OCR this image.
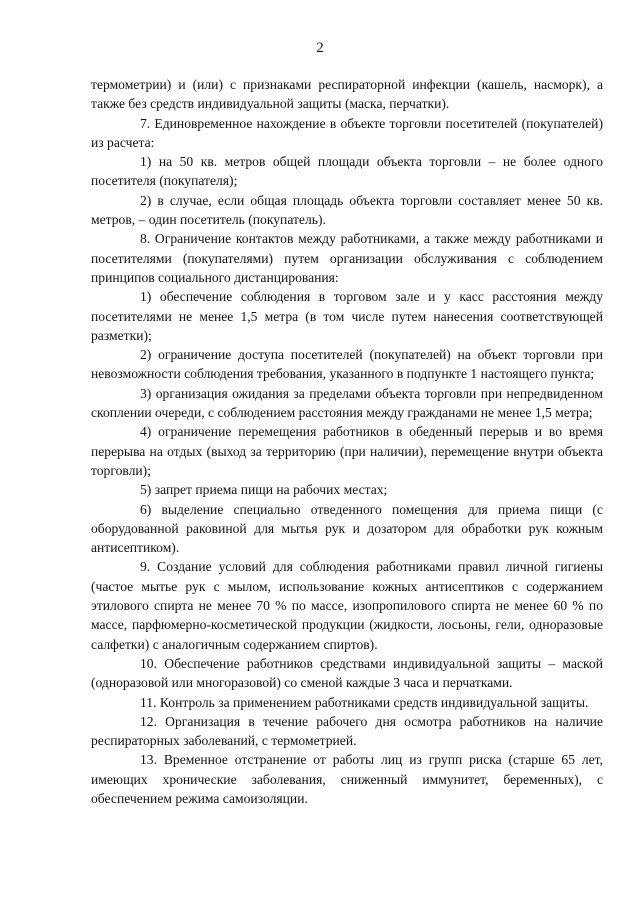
2

термометрии) и (или) с признаками респираторной инфекции (кашель, насморк), а также без средств индивидуальной защиты (маска, перчатки).

7. Единовременное нахождение в объекте торговли посетителей (покупателей) из расчета:

1) на 50 кв. метров общей площади объекта торговли – не более одного посетителя (покупателя);

2) в случае, если общая площадь объекта торговли составляет менее 50 кв. метров, – один посетитель (покупатель).

8. Ограничение контактов между работниками, а также между работниками и посетителями (покупателями) путем организации обслуживания с соблюдением принципов социального дистанцирования:

1) обеспечение соблюдения в торговом зале и у касс расстояния между посетителями не менее 1,5 метра (в том числе путем нанесения соответствующей разметки);

2) ограничение доступа посетителей (покупателей) на объект торговли при невозможности соблюдения требования, указанного в подпункте 1 настоящего пункта;

3) организация ожидания за пределами объекта торговли при непредвиденном скоплении очереди, с соблюдением расстояния между гражданами не менее 1,5 метра;

4) ограничение перемещения работников в обеденный перерыв и во время перерыва на отдых (выход за территорию (при наличии), перемещение внутри объекта торговли);

5) запрет приема пищи на рабочих местах;

6) выделение специально отведенного помещения для приема пищи (с оборудованной раковиной для мытья рук и дозатором для обработки рук кожным антисептиком).

9. Создание условий для соблюдения работниками правил личной гигиены (частое мытье рук с мылом, использование кожных антисептиков с содержанием этилового спирта не менее 70 % по массе, изопропилового спирта не менее 60 % по массе, парфюмерно-косметической продукции (жидкости, лосьоны, гели, одноразовые салфетки) с аналогичным содержанием спиртов).

10. Обеспечение работников средствами индивидуальной защиты – маской (одноразовой или многоразовой) со сменой каждые 3 часа и перчатками.

11. Контроль за применением работниками средств индивидуальной защиты.

12. Организация в течение рабочего дня осмотра работников на наличие респираторных заболеваний, с термометрией.

13. Временное отстранение от работы лиц из групп риска (старше 65 лет, имеющих хронические заболевания, сниженный иммунитет, беременных), с обеспечением режима самоизоляции.
